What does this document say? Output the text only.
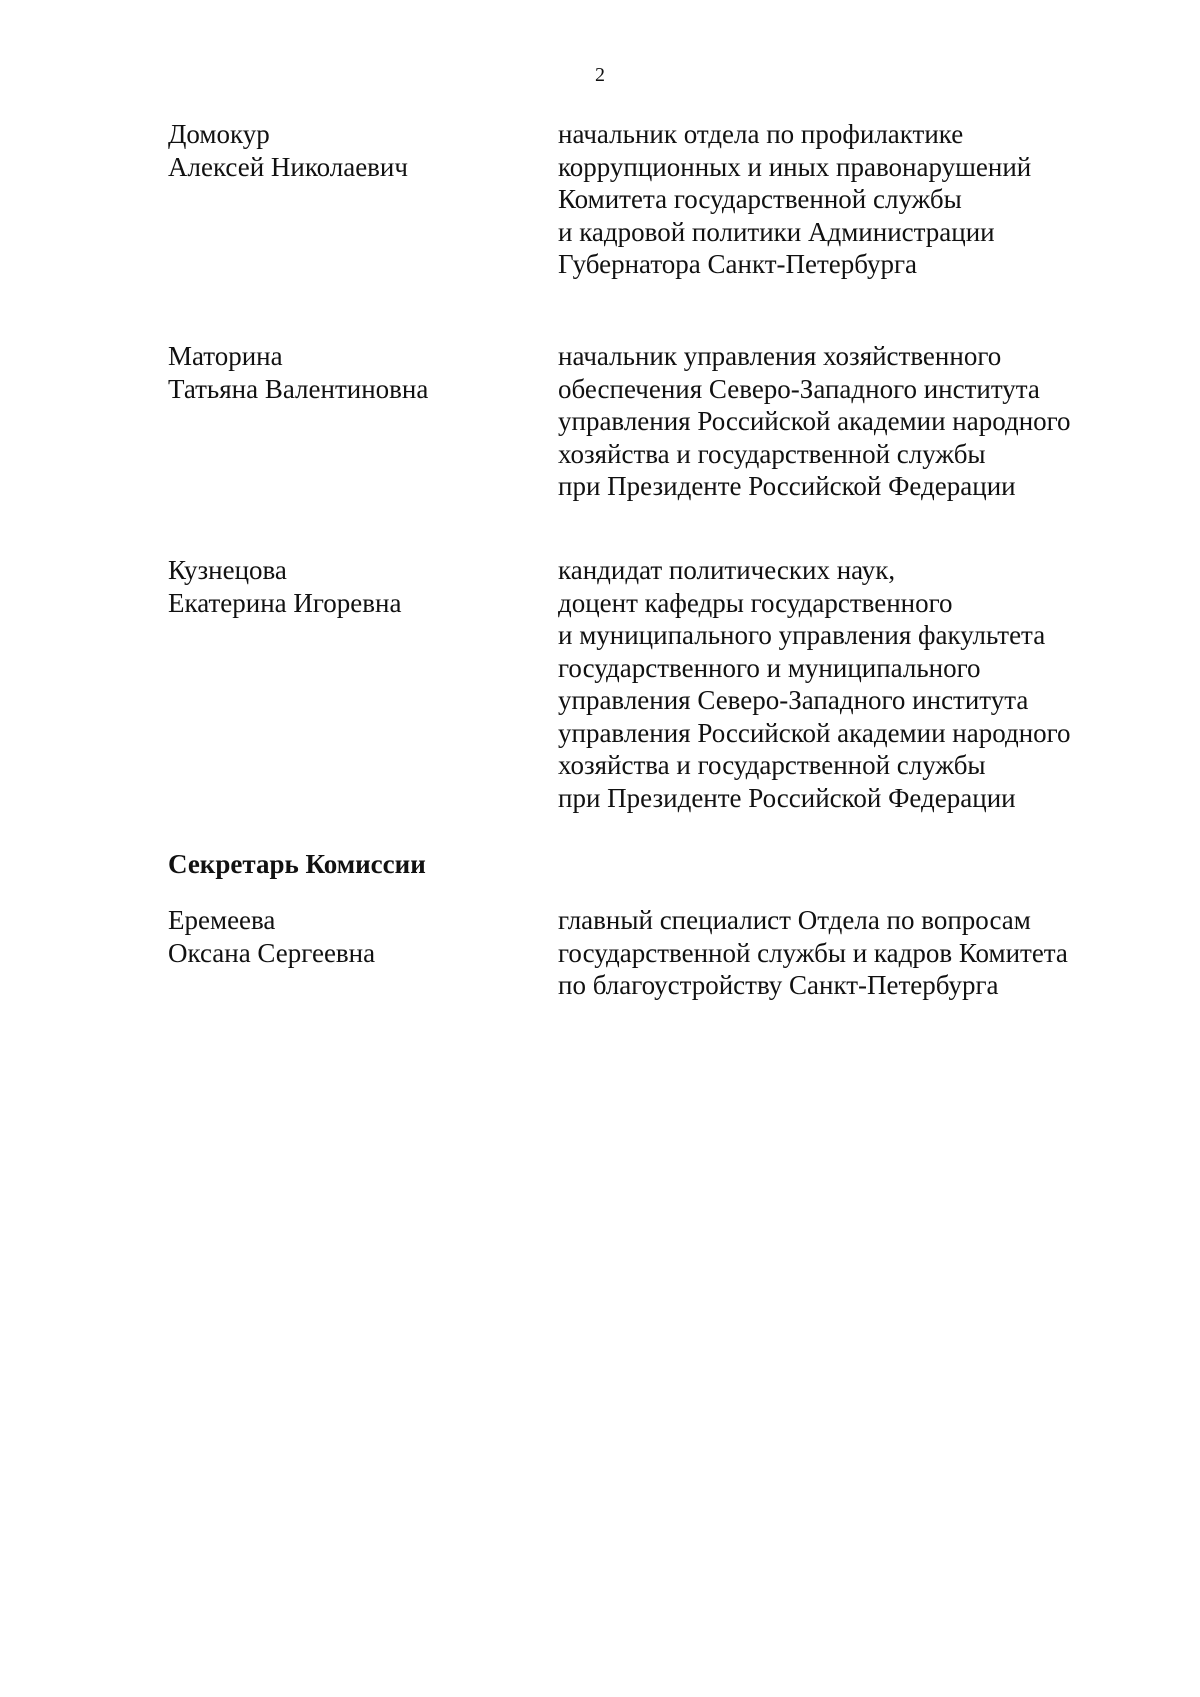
2
Домокур
Алексей Николаевич
начальник отдела по профилактике
коррупционных и иных правонарушений
Комитета государственной службы
и кадровой политики Администрации
Губернатора Санкт-Петербурга
Маторина
Татьяна Валентиновна
начальник управления хозяйственного
обеспечения Северо-Западного института
управления Российской академии народного
хозяйства и государственной службы
при Президенте Российской Федерации
Кузнецова
Екатерина Игоревна
кандидат политических наук,
доцент кафедры государственного
и муниципального управления факультета
государственного и муниципального
управления Северо-Западного института
управления Российской академии народного
хозяйства и государственной службы
при Президенте Российской Федерации
Секретарь Комиссии
Еремеева
Оксана Сергеевна
главный специалист Отдела по вопросам
государственной службы и кадров Комитета
по благоустройству Санкт-Петербурга
